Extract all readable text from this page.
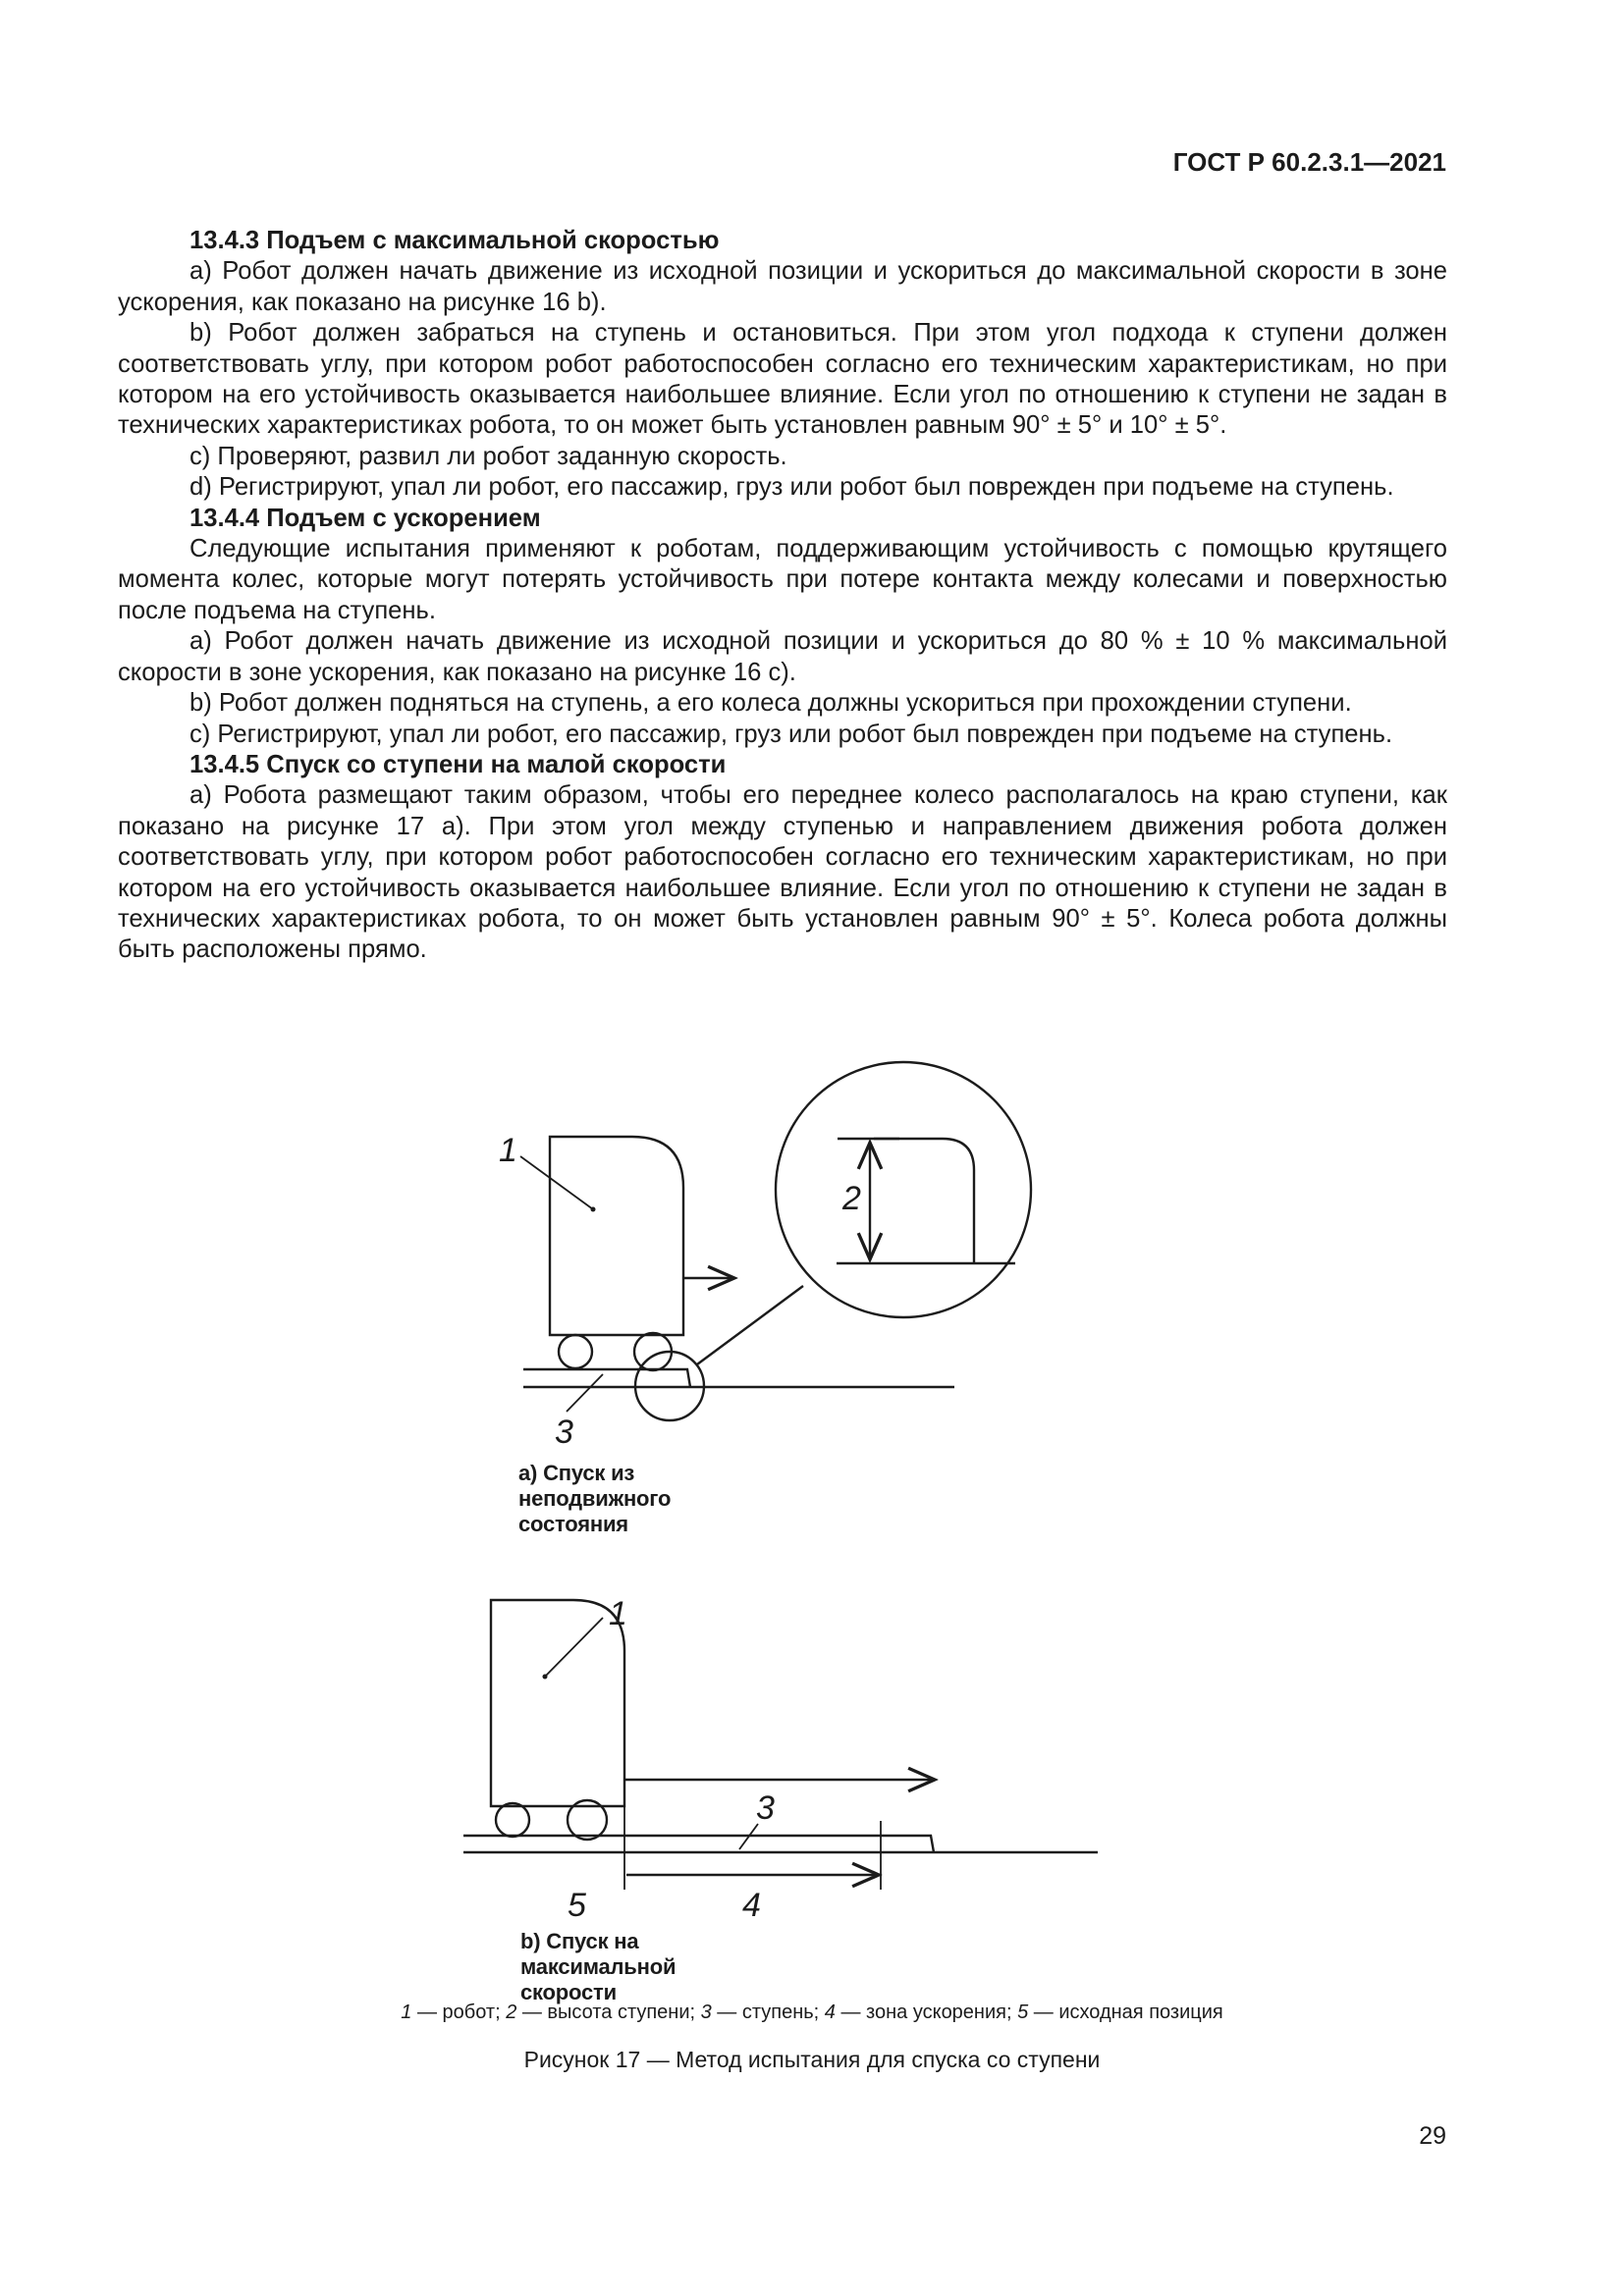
ГОСТ Р 60.2.3.1—2021
13.4.3 Подъем с максимальной скоростью

a) Робот должен начать движение из исходной позиции и ускориться до максимальной скорости в зоне ускорения, как показано на рисунке 16 b).

b) Робот должен забраться на ступень и остановиться. При этом угол подхода к ступени должен соответствовать углу, при котором робот работоспособен согласно его техническим характеристикам, но при котором на его устойчивость оказывается наибольшее влияние. Если угол по отношению к ступени не задан в технических характеристиках робота, то он может быть установлен равным 90° ± 5° и 10° ± 5°.

c) Проверяют, развил ли робот заданную скорость.

d) Регистрируют, упал ли робот, его пассажир, груз или робот был поврежден при подъеме на ступень.

13.4.4 Подъем с ускорением

Следующие испытания применяют к роботам, поддерживающим устойчивость с помощью крутящего момента колес, которые могут потерять устойчивость при потере контакта между колесами и поверхностью после подъема на ступень.

a) Робот должен начать движение из исходной позиции и ускориться до 80 % ± 10 % максимальной скорости в зоне ускорения, как показано на рисунке 16 c).

b) Робот должен подняться на ступень, а его колеса должны ускориться при прохождении ступени.

c) Регистрируют, упал ли робот, его пассажир, груз или робот был поврежден при подъеме на ступень.

13.4.5 Спуск со ступени на малой скорости

a) Робота размещают таким образом, чтобы его переднее колесо располагалось на краю ступени, как показано на рисунке 17 a). При этом угол между ступенью и направлением движения робота должен соответствовать углу, при котором робот работоспособен согласно его техническим характеристикам, но при котором на его устойчивость оказывается наибольшее влияние. Если угол по отношению к ступени не задан в технических характеристиках робота, то он может быть установлен равным 90° ± 5°. Колеса робота должны быть расположены прямо.

1
2
3
1
3
4
5
a) Спуск из неподвижного состояния
b) Спуск на максимальной скорости
1 — робот; 2 — высота ступени; 3 — ступень; 4 — зона ускорения; 5 — исходная позиция
Рисунок 17 — Метод испытания для спуска со ступени
29
